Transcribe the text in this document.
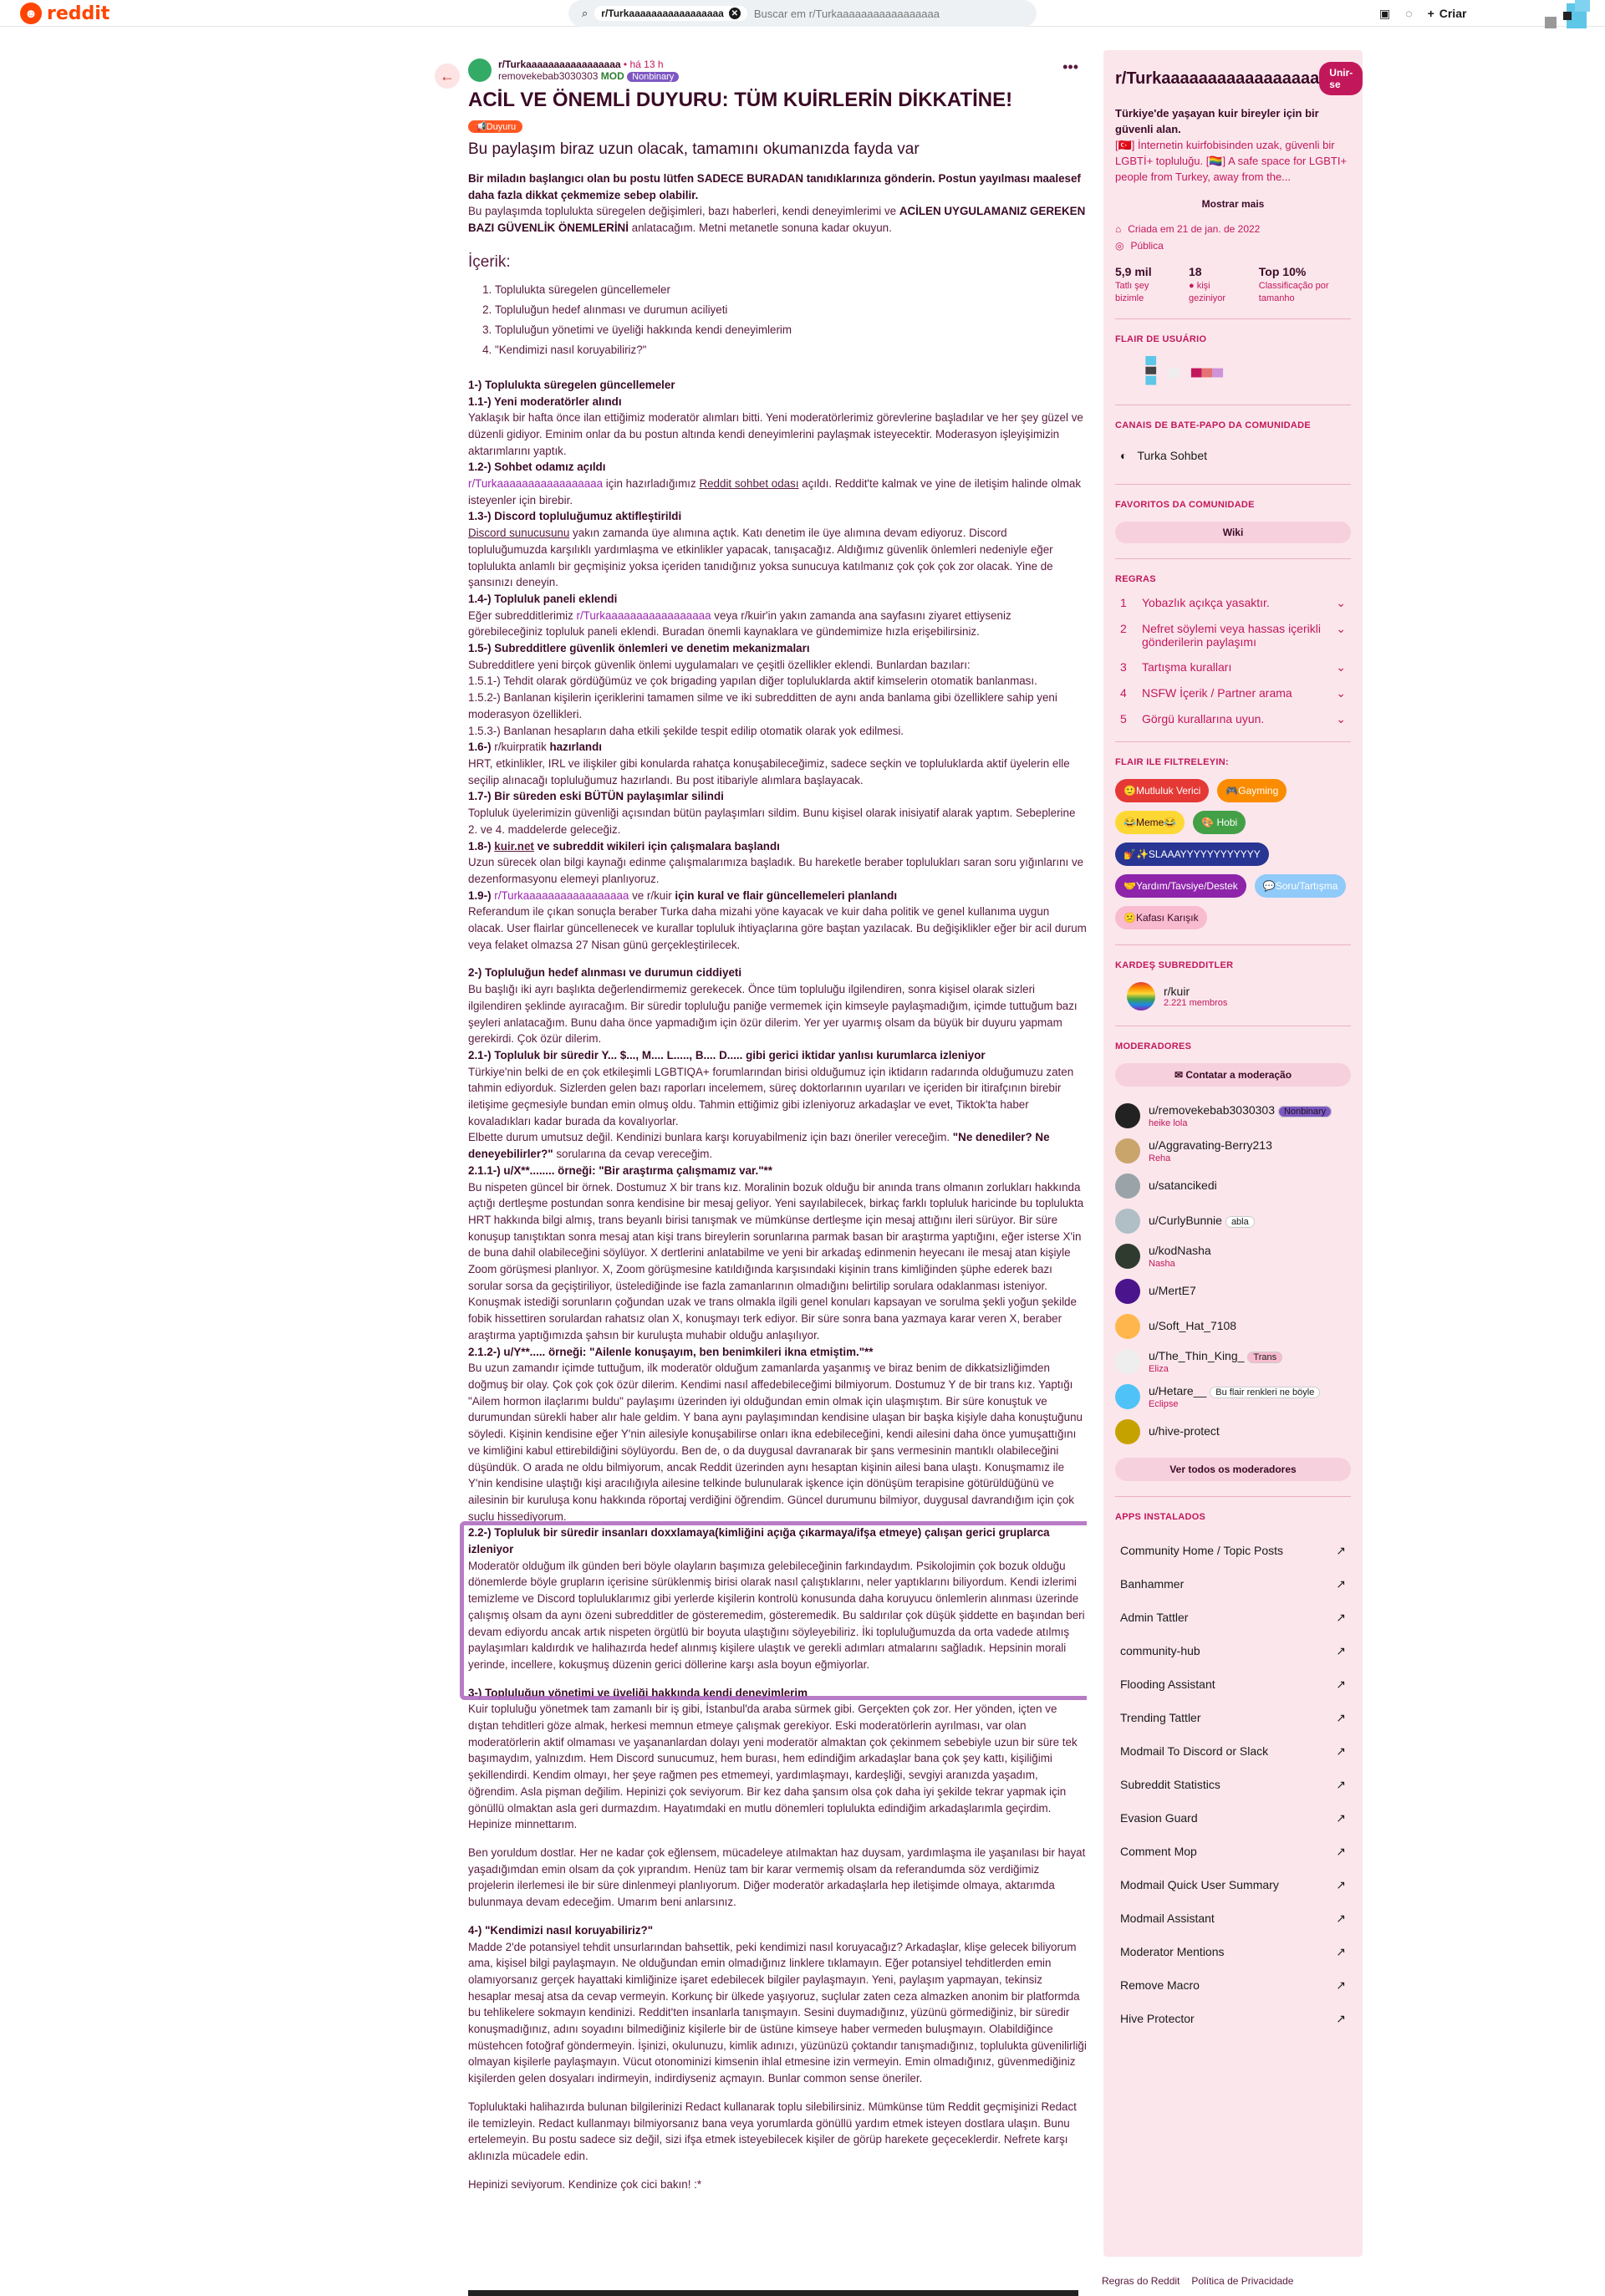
☻ reddit	⌕ r/Turkaaaaaaaaaaaaaaaaa ✕ Buscar em r/Turkaaaaaaaaaaaaaaaaa	▣ ◌ + Criar
←
r/Turkaaaaaaaaaaaaaaaaa • há 13 h
removekebab3030303 MOD Nonbinary
•••
ACİL VE ÖNEMLİ DUYURU: TÜM KUİRLERİN DİKKATİNE!
📢Duyuru
Bu paylaşım biraz uzun olacak, tamamını okumanızda fayda var

Bir miladın başlangıcı olan bu postu lütfen SADECE BURADAN tanıdıklarınıza gönderin. Postun yayılması maalesef daha fazla dikkat çekmemize sebep olabilir.

Bu paylaşımda toplulukta süregelen değişimleri, bazı haberleri, kendi deneyimlerimi ve ACİLEN UYGULAMANIZ GEREKEN BAZI GÜVENLİK ÖNEMLERİNİ anlatacağım. Metni metanetle sonuna kadar okuyun.

İçerik:
1. Toplulukta süregelen güncellemeler
2. Topluluğun hedef alınması ve durumun aciliyeti
3. Topluluğun yönetimi ve üyeliği hakkında kendi deneyimlerim
4. "Kendimizi nasıl koruyabiliriz?"

1-) Toplulukta süregelen güncellemeler

1.1-) Yeni moderatörler alındı

Yaklaşık bir hafta önce ilan ettiğimiz moderatör alımları bitti. Yeni moderatörlerimiz görevlerine başladılar ve her şey güzel ve düzenli gidiyor. Eminim onlar da bu postun altında kendi deneyimlerini paylaşmak isteyecektir. Moderasyon işleyişimizin aktarımlarını yaptık.

1.2-) Sohbet odamız açıldı

r/Turkaaaaaaaaaaaaaaaaa için hazırladığımız Reddit sohbet odası açıldı. Reddit'te kalmak ve yine de iletişim halinde olmak isteyenler için birebir.

1.3-) Discord topluluğumuz aktifleştirildi

Discord sunucusunu yakın zamanda üye alımına açtık. Katı denetim ile üye alımına devam ediyoruz. Discord topluluğumuzda karşılıklı yardımlaşma ve etkinlikler yapacak, tanışacağız. Aldığımız güvenlik önlemleri nedeniyle eğer toplulukta anlamlı bir geçmişiniz yoksa içeriden tanıdığınız yoksa sunucuya katılmanız çok çok çok zor olacak. Yine de şansınızı deneyin.

1.4-) Topluluk paneli eklendi

Eğer subredditlerimiz r/Turkaaaaaaaaaaaaaaaaa veya r/kuir'in yakın zamanda ana sayfasını ziyaret ettiyseniz görebileceğiniz topluluk paneli eklendi. Buradan önemli kaynaklara ve gündemimize hızla erişebilirsiniz.

1.5-) Subredditlere güvenlik önlemleri ve denetim mekanizmaları

Subredditlere yeni birçok güvenlik önlemi uygulamaları ve çeşitli özellikler eklendi. Bunlardan bazıları:

1.5.1-) Tehdit olarak gördüğümüz ve çok brigading yapılan diğer topluluklarda aktif kimselerin otomatik banlanması.

1.5.2-) Banlanan kişilerin içeriklerini tamamen silme ve iki subredditten de aynı anda banlama gibi özelliklere sahip yeni moderasyon özellikleri.

1.5.3-) Banlanan hesapların daha etkili şekilde tespit edilip otomatik olarak yok edilmesi.

1.6-) r/kuirpratik hazırlandı

HRT, etkinlikler, IRL ve ilişkiler gibi konularda rahatça konuşabileceğimiz, sadece seçkin ve topluluklarda aktif üyelerin elle seçilip alınacağı topluluğumuz hazırlandı. Bu post itibariyle alımlara başlayacak.

1.7-) Bir süreden eski BÜTÜN paylaşımlar silindi

Topluluk üyelerimizin güvenliği açısından bütün paylaşımları sildim. Bunu kişisel olarak inisiyatif alarak yaptım. Sebeplerine 2. ve 4. maddelerde geleceğiz.

1.8-) kuir.net ve subreddit wikileri için çalışmalara başlandı

Uzun sürecek olan bilgi kaynağı edinme çalışmalarımıza başladık. Bu hareketle beraber toplulukları saran soru yığınlarını ve dezenformasyonu elemeyi planlıyoruz.

1.9-) r/Turkaaaaaaaaaaaaaaaaa ve r/kuir için kural ve flair güncellemeleri planlandı

Referandum ile çıkan sonuçla beraber Turka daha mizahi yöne kayacak ve kuir daha politik ve genel kullanıma uygun olacak. User flairlar güncellenecek ve kurallar topluluk ihtiyaçlarına göre baştan yazılacak. Bu değişiklikler eğer bir acil durum veya felaket olmazsa 27 Nisan günü gerçekleştirilecek.

2-) Topluluğun hedef alınması ve durumun ciddiyeti

Bu başlığı iki ayrı başlıkta değerlendirmemiz gerekecek. Önce tüm topluluğu ilgilendiren, sonra kişisel olarak sizleri ilgilendiren şeklinde ayıracağım. Bir süredir topluluğu paniğe vermemek için kimseyle paylaşmadığım, içimde tuttuğum bazı şeyleri anlatacağım. Bunu daha önce yapmadığım için özür dilerim. Yer yer uyarmış olsam da büyük bir duyuru yapmam gerekirdi. Çok özür dilerim.

2.1-) Topluluk bir süredir Y... $..., M.... L....., B.... D..... gibi gerici iktidar yanlısı kurumlarca izleniyor

Türkiye'nin belki de en çok etkileşimli LGBTIQA+ forumlarından birisi olduğumuz için iktidarın radarında olduğumuzu zaten tahmin ediyorduk. Sizlerden gelen bazı raporları incelemem, süreç doktorlarının uyarıları ve içeriden bir itirafçının birebir iletişime geçmesiyle bundan emin olmuş oldu. Tahmin ettiğimiz gibi izleniyoruz arkadaşlar ve evet, Tiktok'ta haber kovaladıkları kadar burada da kovalıyorlar.

Elbette durum umutsuz değil. Kendinizi bunlara karşı koruyabilmeniz için bazı öneriler vereceğim. "Ne denediler? Ne deneyebilirler?" sorularına da cevap vereceğim.

2.1.1-) u/X**........ örneği: "Bir araştırma çalışmamız var."**

Bu nispeten güncel bir örnek. Dostumuz X bir trans kız. Moralinin bozuk olduğu bir anında trans olmanın zorlukları hakkında açtığı dertleşme postundan sonra kendisine bir mesaj geliyor. Yeni sayılabilecek, birkaç farklı topluluk haricinde bu toplulukta HRT hakkında bilgi almış, trans beyanlı birisi tanışmak ve mümkünse dertleşme için mesaj attığını ileri sürüyor. Bir süre konuşup tanıştıktan sonra mesaj atan kişi trans bireylerin sorunlarına parmak basan bir araştırma yaptığını, eğer isterse X'in de buna dahil olabileceğini söylüyor. X dertlerini anlatabilme ve yeni bir arkadaş edinmenin heyecanı ile mesaj atan kişiyle Zoom görüşmesi planlıyor. X, Zoom görüşmesine katıldığında karşısındaki kişinin trans kimliğinden şüphe ederek bazı sorular sorsa da geçiştiriliyor, üstelediğinde ise fazla zamanlarının olmadığını belirtilip sorulara odaklanması isteniyor. Konuşmak istediği sorunların çoğundan uzak ve trans olmakla ilgili genel konuları kapsayan ve sorulma şekli yoğun şekilde fobik hissettiren sorulardan rahatsız olan X, konuşmayı terk ediyor. Bir süre sonra bana yazmaya karar veren X, beraber araştırma yaptığımızda şahsın bir kuruluşta muhabir olduğu anlaşılıyor.

2.1.2-) u/Y**..... örneği: "Ailenle konuşayım, ben benimkileri ikna etmiştim."**

Bu uzun zamandır içimde tuttuğum, ilk moderatör olduğum zamanlarda yaşanmış ve biraz benim de dikkatsizliğimden doğmuş bir olay. Çok çok çok özür dilerim. Kendimi nasıl affedebileceğimi bilmiyorum. Dostumuz Y de bir trans kız. Yaptığı "Ailem hormon ilaçlarımı buldu" paylaşımı üzerinden iyi olduğundan emin olmak için ulaşmıştım. Bir süre konuştuk ve durumundan sürekli haber alır hale geldim. Y bana aynı paylaşımından kendisine ulaşan bir başka kişiyle daha konuştuğunu söyledi. Kişinin kendisine eğer Y'nin ailesiyle konuşabilirse onları ikna edebileceğini, kendi ailesini daha önce yumuşattığını ve kimliğini kabul ettirebildiğini söylüyordu. Ben de, o da duygusal davranarak bir şans vermesinin mantıklı olabileceğini düşündük. O arada ne oldu bilmiyorum, ancak Reddit üzerinden aynı hesaptan kişinin ailesi bana ulaştı. Konuşmamız ile Y'nin kendisine ulaştığı kişi aracılığıyla ailesine telkinde bulunularak işkence için dönüşüm terapisine götürüldüğünü ve ailesinin bir kuruluşa konu hakkında röportaj verdiğini öğrendim. Güncel durumunu bilmiyor, duygusal davrandığım için çok suçlu hissediyorum.

2.2-) Topluluk bir süredir insanları doxxlamaya(kimliğini açığa çıkarmaya/ifşa etmeye) çalışan gerici gruplarca izleniyor

Moderatör olduğum ilk günden beri böyle olayların başımıza gelebileceğinin farkındaydım. Psikolojimin çok bozuk olduğu dönemlerde böyle grupların içerisine sürüklenmiş birisi olarak nasıl çalıştıklarını, neler yaptıklarını biliyordum. Kendi izlerimi temizleme ve Discord topluluklarımız gibi yerlerde kişilerin kontrolü konusunda daha koruyucu önlemlerin alınması üzerinde çalışmış olsam da aynı özeni subredditler de gösteremedim, gösteremedik. Bu saldırılar çok düşük şiddette en başından beri devam ediyordu ancak artık nispeten örgütlü bir boyuta ulaştığını söyleyebiliriz. İki topluluğumuzda da orta vadede atılmış paylaşımları kaldırdık ve halihazırda hedef alınmış kişilere ulaştık ve gerekli adımları atmalarını sağladık. Hepsinin morali yerinde, incellere, kokuşmuş düzenin gerici döllerine karşı asla boyun eğmiyorlar.

3-) Topluluğun yönetimi ve üyeliği hakkında kendi deneyimlerim

Kuir topluluğu yönetmek tam zamanlı bir iş gibi, İstanbul'da araba sürmek gibi. Gerçekten çok zor. Her yönden, içten ve dıştan tehditleri göze almak, herkesi memnun etmeye çalışmak gerekiyor. Eski moderatörlerin ayrılması, var olan moderatörlerin aktif olmaması ve yaşananlardan dolayı yeni moderatör almaktan çok çekinmem sebebiyle uzun bir süre tek başımaydım, yalnızdım. Hem Discord sunucumuz, hem burası, hem edindiğim arkadaşlar bana çok şey kattı, kişiliğimi şekillendirdi. Kendim olmayı, her şeye rağmen pes etmemeyi, yardımlaşmayı, kardeşliği, sevgiyi aranızda yaşadım, öğrendim. Asla pişman değilim. Hepinizi çok seviyorum. Bir kez daha şansım olsa çok daha iyi şekilde tekrar yapmak için gönüllü olmaktan asla geri durmazdım. Hayatımdaki en mutlu dönemleri toplulukta edindiğim arkadaşlarımla geçirdim. Hepinize minnettarım.

Ben yoruldum dostlar. Her ne kadar çok eğlensem, mücadeleye atılmaktan haz duysam, yardımlaşma ile yaşanılası bir hayat yaşadığımdan emin olsam da çok yıprandım. Henüz tam bir karar vermemiş olsam da referandumda söz verdiğimiz projelerin ilerlemesi ile bir süre dinlenmeyi planlıyorum. Diğer moderatör arkadaşlarla hep iletişimde olmaya, aktarımda bulunmaya devam edeceğim. Umarım beni anlarsınız.

4-) "Kendimizi nasıl koruyabiliriz?"

Madde 2'de potansiyel tehdit unsurlarından bahsettik, peki kendimizi nasıl koruyacağız? Arkadaşlar, klişe gelecek biliyorum ama, kişisel bilgi paylaşmayın. Ne olduğundan emin olmadığınız linklere tıklamayın. Eğer potansiyel tehditlerden emin olamıyorsanız gerçek hayattaki kimliğinize işaret edebilecek bilgiler paylaşmayın. Yeni, paylaşım yapmayan, tekinsiz hesaplar mesaj atsa da cevap vermeyin. Korkunç bir ülkede yaşıyoruz, suçlular zaten ceza almazken anonim bir platformda bu tehlikelere sokmayın kendinizi. Reddit'ten insanlarla tanışmayın. Sesini duymadığınız, yüzünü görmediğiniz, bir süredir konuşmadığınız, adını soyadını bilmediğiniz kişilerle bir de üstüne kimseye haber vermeden buluşmayın. Olabildiğince müstehcen fotoğraf göndermeyin. İşinizi, okulunuzu, kimlik adınızı, yüzünüzü çoktandır tanışmadığınız, toplulukta güvenilirliği olmayan kişilerle paylaşmayın. Vücut otonominizi kimsenin ihlal etmesine izin vermeyin. Emin olmadığınız, güvenmediğiniz kişilerden gelen dosyaları indirmeyin, indirdiyseniz açmayın. Bunlar common sense öneriler.

Topluluktaki halihazırda bulunan bilgilerinizi Redact kullanarak toplu silebilirsiniz. Mümkünse tüm Reddit geçmişinizi Redact ile temizleyin. Redact kullanmayı bilmiyorsanız bana veya yorumlarda gönüllü yardım etmek isteyen dostlara ulaşın. Bunu ertelemeyin. Bu postu sadece siz değil, sizi ifşa etmek isteyebilecek kişiler de görüp harekete geçeceklerdir. Nefrete karşı aklınızla mücadele edin.

Hepinizi seviyorum. Kendinize çok cici bakın! :*

r/Turkaaaaaaaaaaaaaaaaa	Unir-se
Türkiye'de yaşayan kuir bireyler için bir güvenli alan.
[🇹🇷] İnternetin kuirfobisinden uzak, güvenli bir LGBTİ+ topluluğu. [🏳️‍🌈] A safe space for LGBTI+ people from Turkey, away from the...
Mostrar mais
⌂ Criada em 21 de jan. de 2022
◎ Pública
5,9 mil
Tatlı şey bizimle
18
● kişi geziniyor
Top 10%
Classificação por tamanho
FLAIR DE USUÁRIO
CANAIS DE BATE-PAPO DA COMUNIDADE
◐ Turka Sohbet
FAVORITOS DA COMUNIDADE
Wiki
REGRAS
1	Yobazlık açıkça yasaktır.	⌄
2	Nefret söylemi veya hassas içerikli gönderilerin paylaşımı
⌄
3	Tartışma kuralları	⌄
4	NSFW İçerik / Partner arama	⌄
5	Görgü kurallarına uyun.	⌄
FLAIR ILE FILTRELEYIN:
🙂Mutluluk Verici	🎮Gayming
😂Meme😂	🎨 Hobi
💅✨SLAAAYYYYYYYYYYYY
🤝Yardım/Tavsiye/Destek	💬Soru/Tartışma
😕Kafası Karışık
KARDEŞ SUBREDDITLER
r/kuir
2.221 membros
MODERADORES
✉ Contatar a moderação
u/removekebab3030303 Nonbinary
heike lola
u/Aggravating-Berry213
Reha
u/satancikedi
u/CurlyBunnie abla
u/kodNasha
Nasha
u/MertE7
u/Soft_Hat_7108
u/The_Thin_King_ Trans
Eliza
u/Hetare__ Bu flair renkleri ne böyle
Eclipse
u/hive-protect
Ver todos os moderadores
APPS INSTALADOS
Community Home / Topic Posts	↗
Banhammer	↗
Admin Tattler	↗
community-hub	↗
Flooding Assistant	↗
Trending Tattler	↗
Modmail To Discord or Slack	↗
Subreddit Statistics	↗
Evasion Guard	↗
Comment Mop	↗
Modmail Quick User Summary	↗
Modmail Assistant	↗
Moderator Mentions	↗
Remove Macro	↗
Hive Protector	↗
Regras do Reddit Política de Privacidade
